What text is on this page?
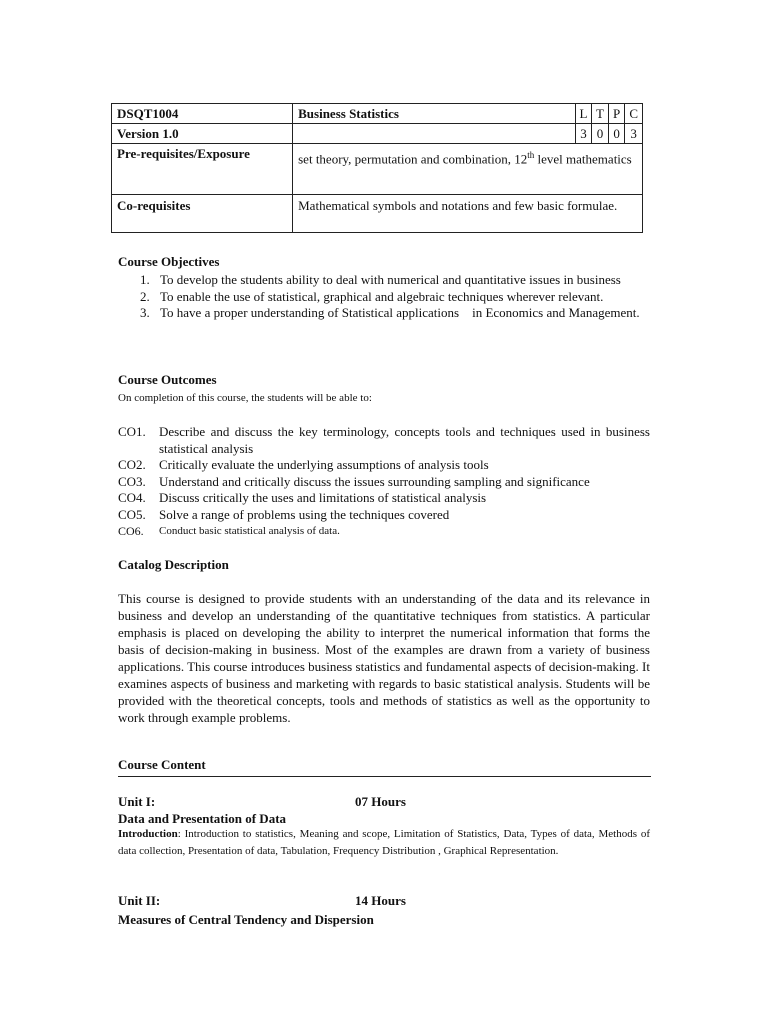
DSQT1004	Business Statistics	L	T	P	C
Version 1.0		3	0	0	3
Pre-requisites/Exposure	set theory, permutation and combination, 12th level mathematics				
Co-requisites	Mathematical symbols and notations and few basic formulae.				
Course Objectives
1. To develop the students ability to deal with numerical and quantitative issues in business
2. To enable the use of statistical, graphical and algebraic techniques wherever relevant.
3. To have a proper understanding of Statistical applications    in Economics and Management.
Course Outcomes
On completion of this course, the students will be able to:
CO1. Describe and discuss the key terminology, concepts tools and techniques used in business statistical analysis
CO2. Critically evaluate the underlying assumptions of analysis tools
CO3. Understand and critically discuss the issues surrounding sampling and significance
CO4. Discuss critically the uses and limitations of statistical analysis
CO5. Solve a range of problems using the techniques covered
CO6. Conduct basic statistical analysis of data.
Catalog Description
This course is designed to provide students with an understanding of the data and its relevance in business and develop an understanding of the quantitative techniques from statistics. A particular emphasis is placed on developing the ability to interpret the numerical information that forms the basis of decision-making in business. Most of the examples are drawn from a variety of business applications. This course introduces business statistics and fundamental aspects of decision-making. It examines aspects of business and marketing with regards to basic statistical analysis. Students will be provided with the theoretical concepts, tools and methods of statistics as well as the opportunity to work through example problems.
Course Content
Unit I:	07 Hours
Data and Presentation of Data
Introduction: Introduction to statistics, Meaning and scope, Limitation of Statistics, Data, Types of data, Methods of data collection, Presentation of data, Tabulation, Frequency Distribution , Graphical Representation.
Unit II:	14 Hours
Measures of Central Tendency and Dispersion
